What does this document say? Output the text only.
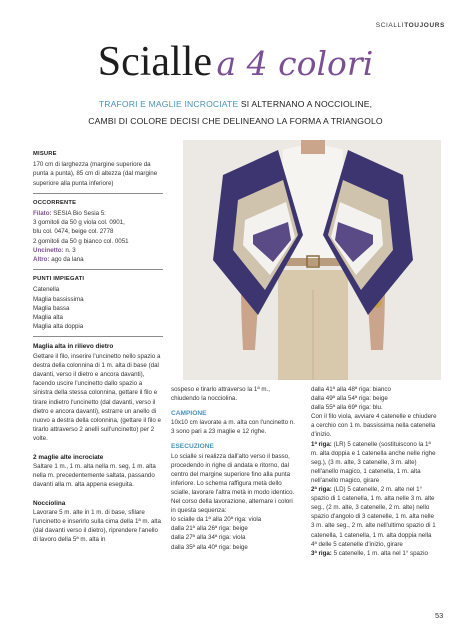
SCIALLITOUJOURS
Scialle a 4 colori
TRAFORI E MAGLIE INCROCIATE SI ALTERNANO A NOCCIOLINE,
CAMBI DI COLORE DECISI CHE DELINEANO LA FORMA A TRIANGOLO
MISURE

170 cm di larghezza (margine superiore da punta a punta), 85 cm di altezza (dal margine superiore alla punta inferiore)

OCCORRENTE

Filato: SESIA Bio Sesia 5:

3 gomitoli da 50 g viola col. 0901,

blu col. 0474, beige col. 2778

2 gomitoli da 50 g bianco col. 0051

Uncinetto: n. 3

Altro: ago da lana

PUNTI IMPIEGATI

Catenella

Maglia bassissima

Maglia bassa

Maglia alta

Maglia alta doppia

Maglia alta in rilievo dietro

Gettare il filo, inserire l'uncinetto nello spazio a destra della colonnina di 1 m. alta di base (dal davanti, verso il dietro e ancora davanti), facendo uscire l'uncinetto dallo spazio a sinistra della stessa colonnina, gettare il filo e tirare indietro l'uncinetto (dal davanti, verso il dietro e ancora davanti), estrarre un anello di nuovo a destra della colonnina, (gettare il filo e tirarlo attraverso 2 anelli sull'uncinetto) per 2 volte.

2 maglie alte incrociate

Saltare 1 m., 1 m. alta nella m. seg, 1 m. alta nella m. precedentemente saltata, passando davanti alla m. alta appena eseguita.

Nocciolina

Lavorare 5 m. alte in 1 m. di base, sfilare l'uncinetto e inserirlo sulla cima della 1ª m. alta (dal davanti verso il dietro), riprendere l'anello di lavoro della 5ª m. alta in

sospeso e tirarlo attraverso la 1ª m., chiudendo la nocciolina.

CAMPIONE

10x10 cm lavorate a m. alta con l'uncinetto n. 3 sono pari a 23 maglie e 12 righe.

ESECUZIONE

Lo scialle si realizza dall'alto verso il basso, procedendo in righe di andata e ritorno, dal centro del margine superiore fino alla punta inferiore. Lo schema raffigura metà dello scialle, lavorare l'altra metà in modo identico.

Nel corso della lavorazione, alternare i colori in questa sequenza:

lo scialle da 1ª alla 20ª riga: viola

dalla 21ª alla 26ª riga: beige

dalla 27ª alla 34ª riga: viola

dalla 35ª alla 40ª riga: beige

dalla 41ª alla 48ª riga: bianco

dalla 49ª alla 54ª riga: beige

dalla 55ª alla 69ª riga: blu.

Con il filo viola, avviare 4 catenelle e chiudere a cerchio con 1 m. bassissima nella catenella d'inizio.

1ª riga: (LR) 5 catenelle (sostituiscono la 1ª m. alta doppia e 1 catenella anche nelle righe seg.), (3 m. alte, 3 catenelle, 3 m. alte) nell'anello magico, 1 catenella, 1 m. alta nell'anello magico, girare

2ª riga: (LD) 5 catenelle, 2 m. alte nel 1° spazio di 1 catenella, 1 m. alta nelle 3 m. alte seg., (2 m. alte, 3 catenelle, 2 m. alte) nello spazio d'angolo di 3 catenelle, 1 m. alta nelle 3 m. alte seg., 2 m. alte nell'ultimo spazio di 1 catenella, 1 catenella, 1 m. alta doppia nella 4ª delle 5 catenelle d'inizio, girare

3ª riga: 5 catenelle, 1 m. alta nel 1° spazio

53
